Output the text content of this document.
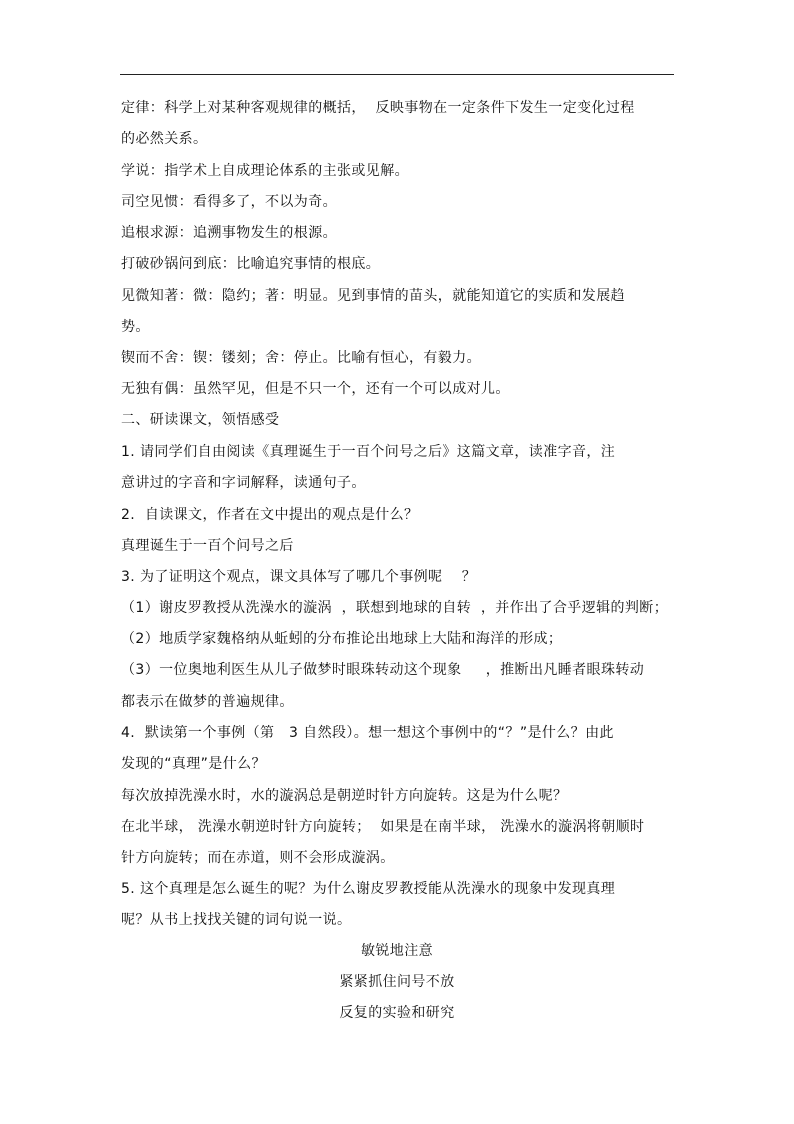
定律：科学上对某种客观规律的概括，  反映事物在一定条件下发生一定变化过程
的必然关系。
学说：指学术上自成理论体系的主张或见解。
司空见惯：看得多了，不以为奇。
追根求源：追溯事物发生的根源。
打破砂锅问到底：比喻追究事情的根底。
见微知著：微：隐约；著：明显。见到事情的苗头，就能知道它的实质和发展趋
势。
锲而不舍：锲：镂刻；舍：停止。比喻有恒心，有毅力。
无独有偶：虽然罕见，但是不只一个，还有一个可以成对儿。
二、研读课文，领悟感受
1. 请同学们自由阅读《真理诞生于一百个问号之后》这篇文章，读准字音，注
意讲过的字音和字词解释，读通句子。
2.  自读课文，作者在文中提出的观点是什么？
真理诞生于一百个问号之后
3. 为了证明这个观点，课文具体写了哪几个事例呢    ？
（1）谢皮罗教授从洗澡水的漩涡  ，联想到地球的自转  ，并作出了合乎逻辑的判断；
（2）地质学家魏格纳从蚯蚓的分布推论出地球上大陆和海洋的形成；
（3）一位奥地利医生从儿子做梦时眼珠转动这个现象     ，推断出凡睡者眼珠转动
都表示在做梦的普遍规律。
4.  默读第一个事例（第   3 自然段）。想一想这个事例中的“？”是什么？由此
发现的“真理”是什么？
每次放掉洗澡水时，水的漩涡总是朝逆时针方向旋转。这是为什么呢？
在北半球， 洗澡水朝逆时针方向旋转；  如果是在南半球， 洗澡水的漩涡将朝顺时
针方向旋转；而在赤道，则不会形成漩涡。
5. 这个真理是怎么诞生的呢？为什么谢皮罗教授能从洗澡水的现象中发现真理
呢？从书上找找关键的词句说一说。
敏锐地注意
紧紧抓住问号不放
反复的实验和研究
